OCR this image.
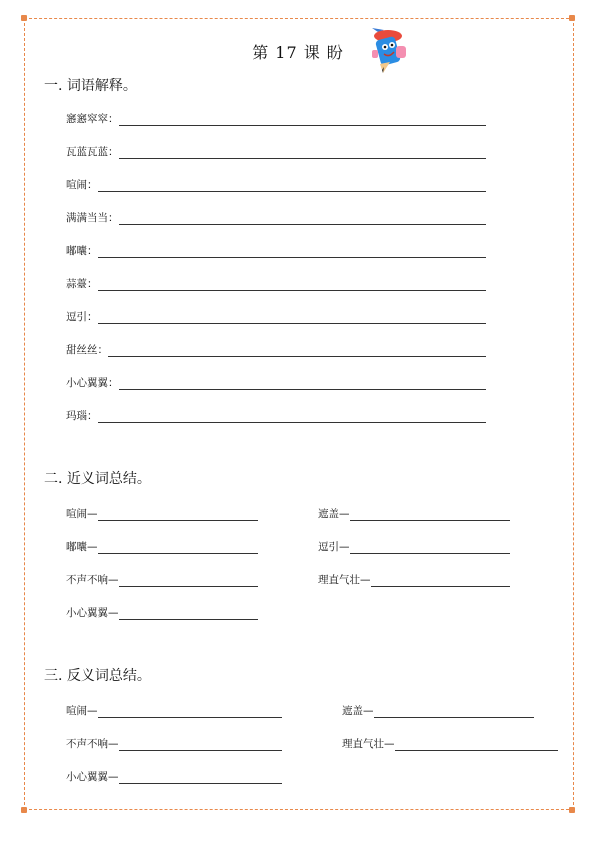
第 17 课 盼
一. 词语解释。
窸窸窣窣：
瓦蓝瓦蓝：
喧闹：
满满当当：
嘟囔：
蒜薹：
逗引：
甜丝丝：
小心翼翼：
玛瑙：
二. 近义词总结。
喧闹—	遮盖—
嘟囔—	逗引—
不声不响—	理直气壮—
小心翼翼—
三. 反义词总结。
喧闹—	遮盖—
不声不响—	理直气壮—
小心翼翼—
